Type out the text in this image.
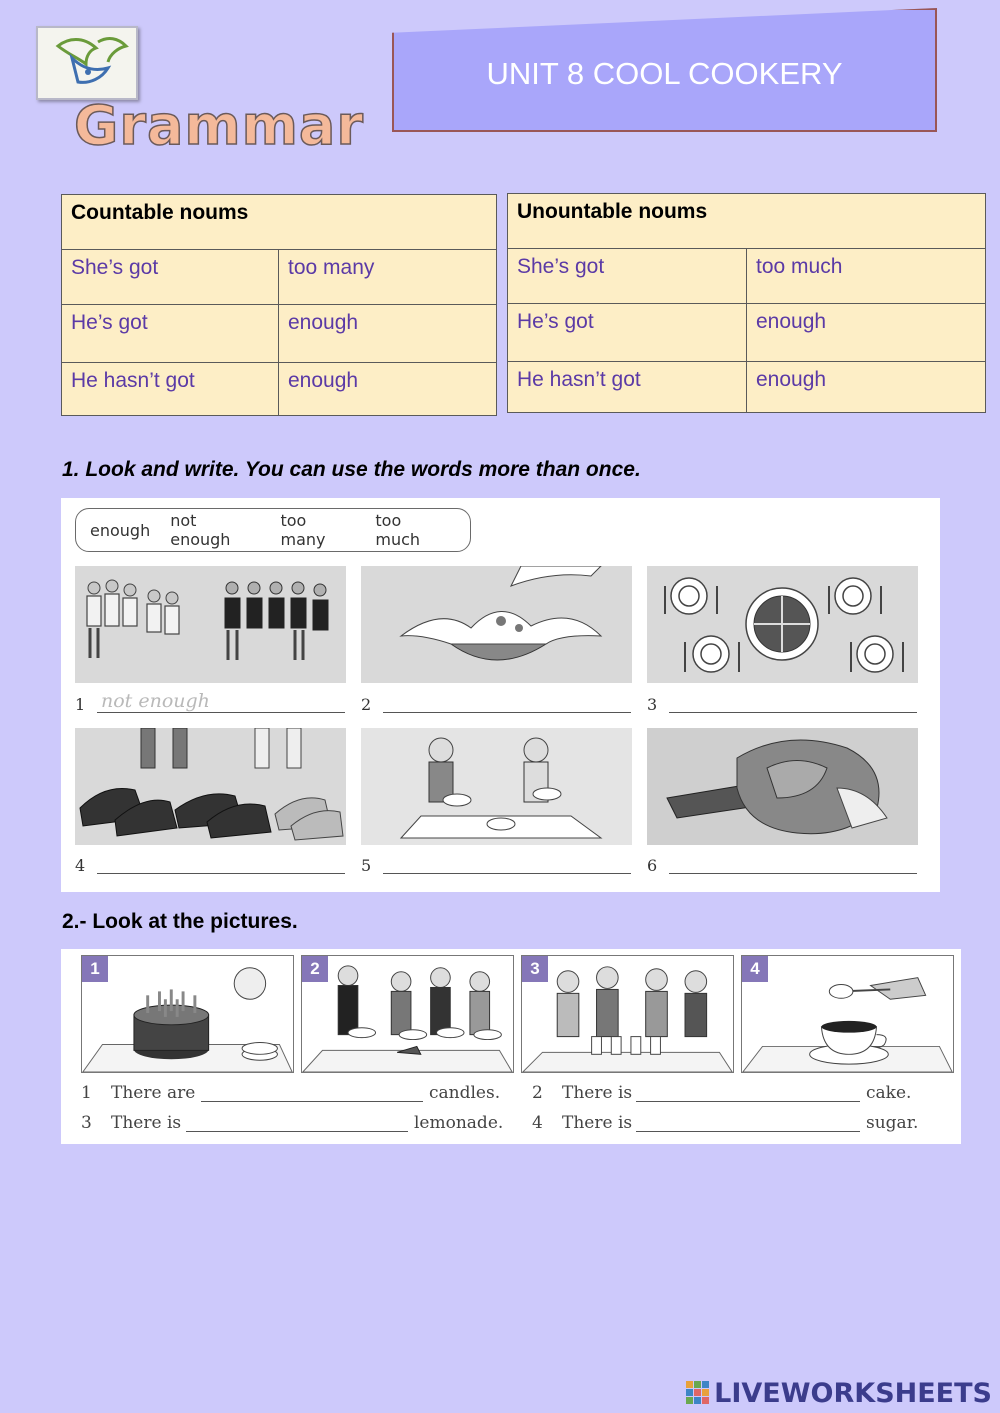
Grammar
UNIT 8 COOL COOKERY
Countable noums	
She’s got	too many
He’s got	enough
He hasn’t got	enough
Unountable noums	
She’s got	too much
He’s got	enough
He hasn’t got	enough
1. Look and write. You can use the words more than once.
enough not enough
too many
too much
1 not enough	2	3
4	5	6
2.- Look at the pictures.
1	2	3	4
1 There are	candles. 2 There is	cake.
3 There is	lemonade. 4 There is	sugar.
LIVEWORKSHEETS
